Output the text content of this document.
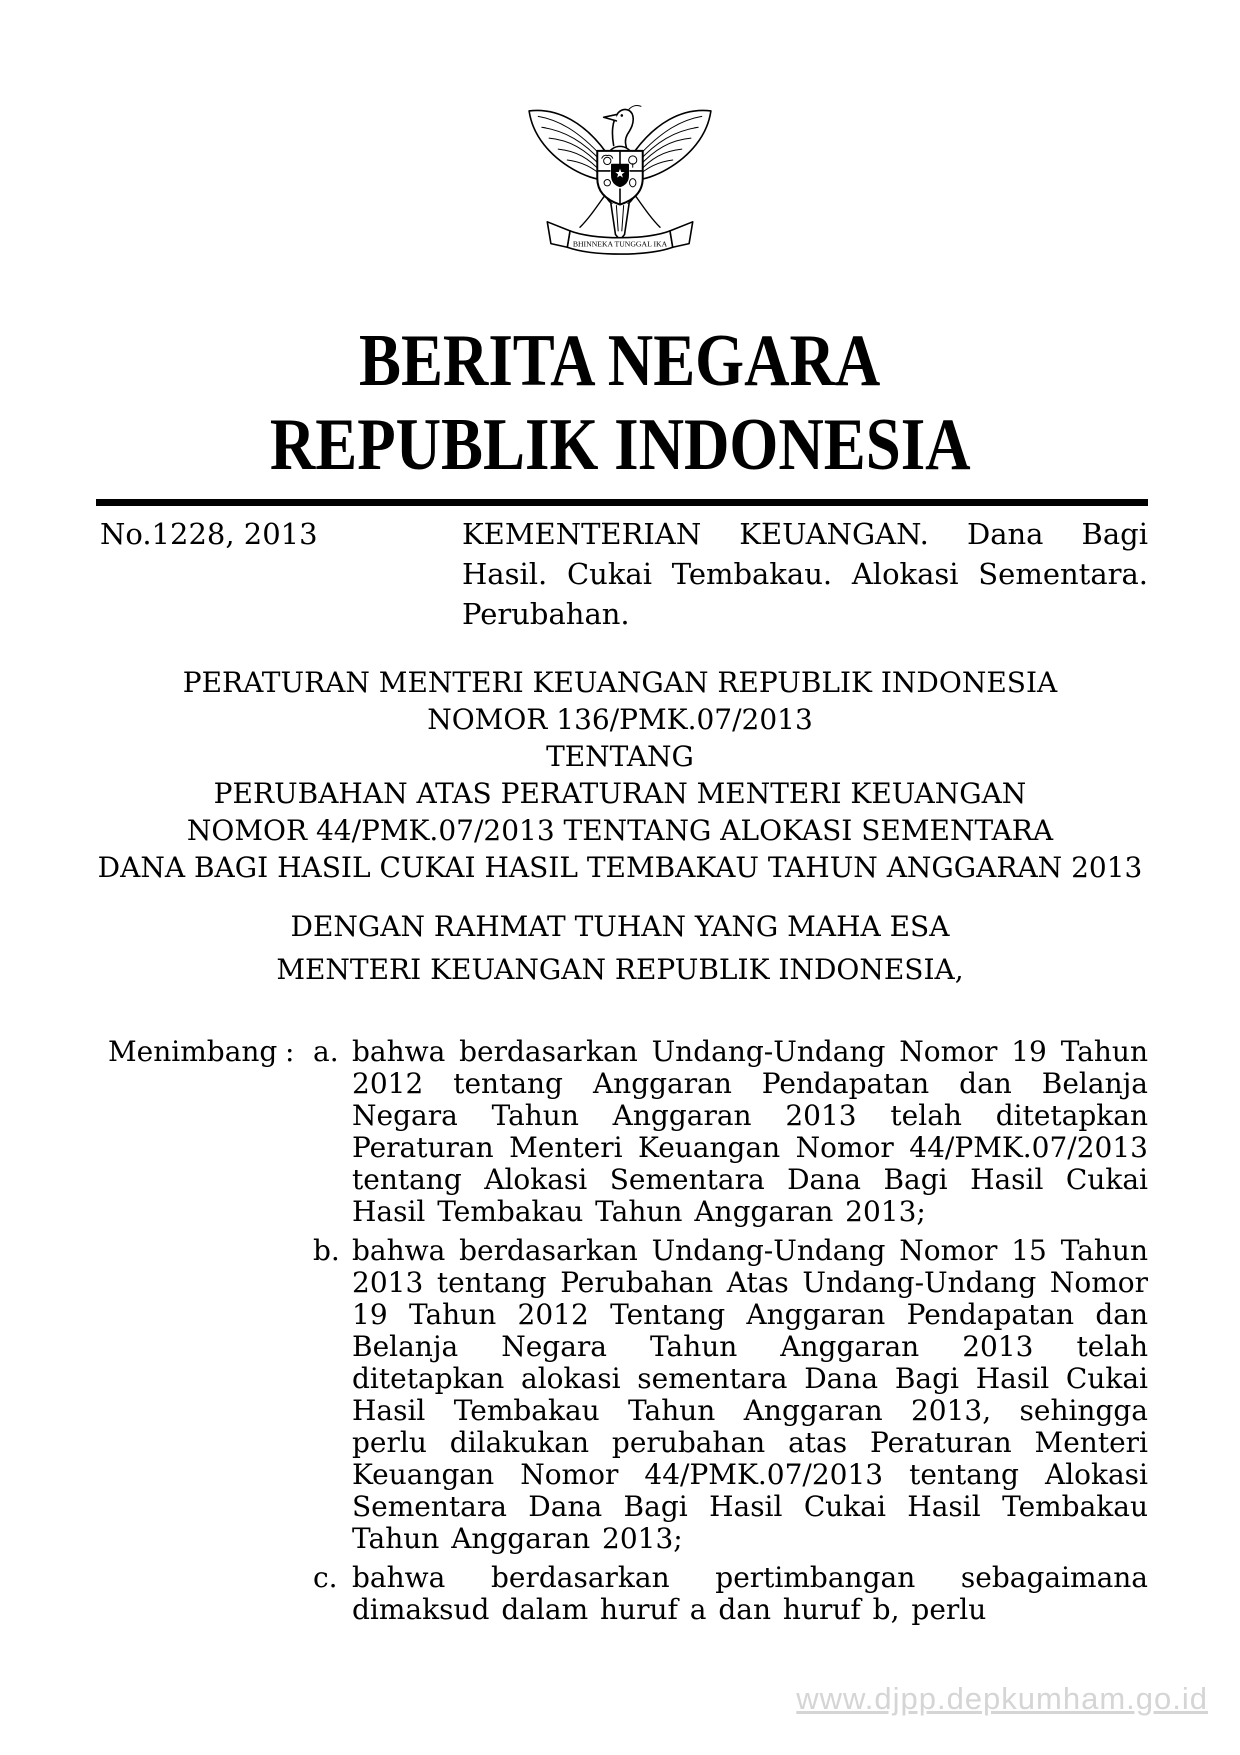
BHINNEKA TUNGGAL IKA
BERITA NEGARA
REPUBLIK INDONESIA
No.1228, 2013	KEMENTERIAN KEUANGAN. Dana Bagi Hasil. Cukai Tembakau. Alokasi Sementara. Perubahan.
PERATURAN MENTERI KEUANGAN REPUBLIK INDONESIA
NOMOR 136/PMK.07/2013
TENTANG
PERUBAHAN ATAS PERATURAN MENTERI KEUANGAN
NOMOR 44/PMK.07/2013 TENTANG ALOKASI SEMENTARA
DANA BAGI HASIL CUKAI HASIL TEMBAKAU TAHUN ANGGARAN 2013
DENGAN RAHMAT TUHAN YANG MAHA ESA
MENTERI KEUANGAN REPUBLIK INDONESIA,
Menimbang : a. bahwa berdasarkan Undang-Undang Nomor 19 Tahun 2012 tentang Anggaran Pendapatan dan Belanja Negara Tahun Anggaran 2013 telah ditetapkan Peraturan Menteri Keuangan Nomor 44/PMK.07/2013 tentang Alokasi Sementara Dana Bagi Hasil Cukai Hasil Tembakau Tahun Anggaran 2013;
b. bahwa berdasarkan Undang-Undang Nomor 15 Tahun 2013 tentang Perubahan Atas Undang-Undang Nomor 19 Tahun 2012 Tentang Anggaran Pendapatan dan Belanja Negara Tahun Anggaran 2013 telah ditetapkan alokasi sementara Dana Bagi Hasil Cukai Hasil Tembakau Tahun Anggaran 2013, sehingga perlu dilakukan perubahan atas Peraturan Menteri Keuangan Nomor 44/PMK.07/2013 tentang Alokasi Sementara Dana Bagi Hasil Cukai Hasil Tembakau Tahun Anggaran 2013;
c. bahwa berdasarkan pertimbangan sebagaimana dimaksud dalam huruf a dan huruf b, perlu
www.djpp.depkumham.go.id
